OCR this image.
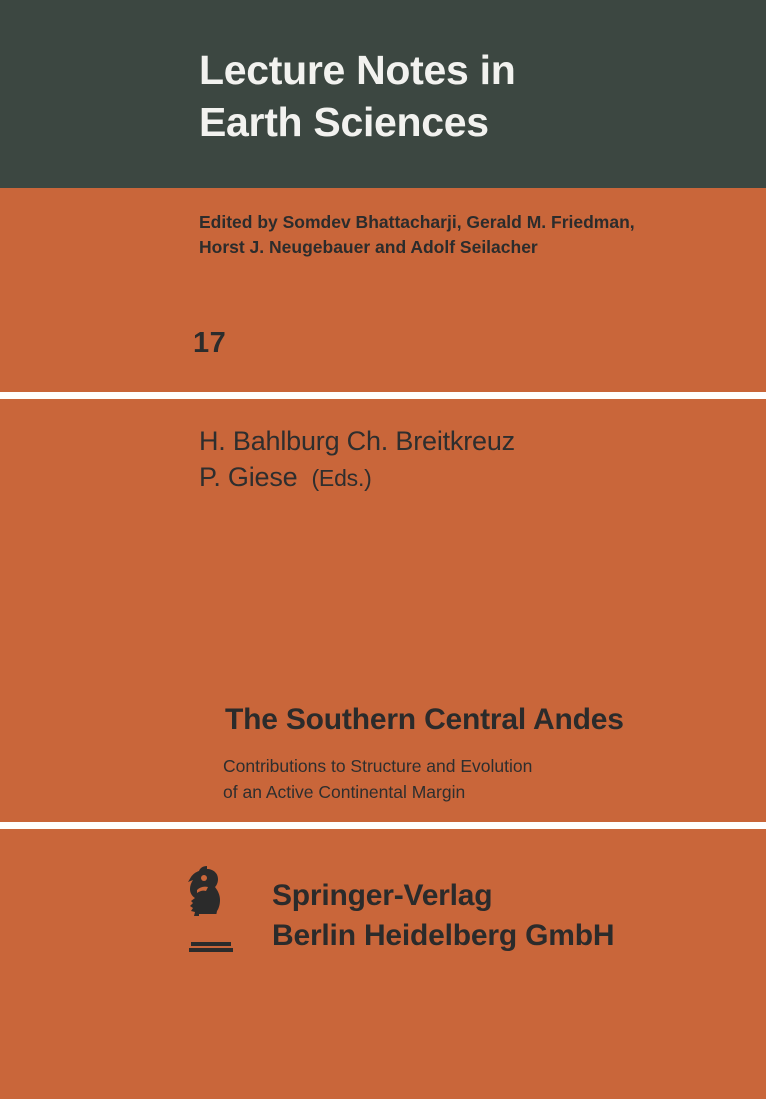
Lecture Notes in
Earth Sciences
Edited by Somdev Bhattacharji, Gerald M. Friedman,
Horst J. Neugebauer and Adolf Seilacher
17
H. Bahlburg Ch. Breitkreuz
P. Giese (Eds.)
The Southern Central Andes
Contributions to Structure and Evolution
of an Active Continental Margin
Springer-Verlag
Berlin Heidelberg GmbH
